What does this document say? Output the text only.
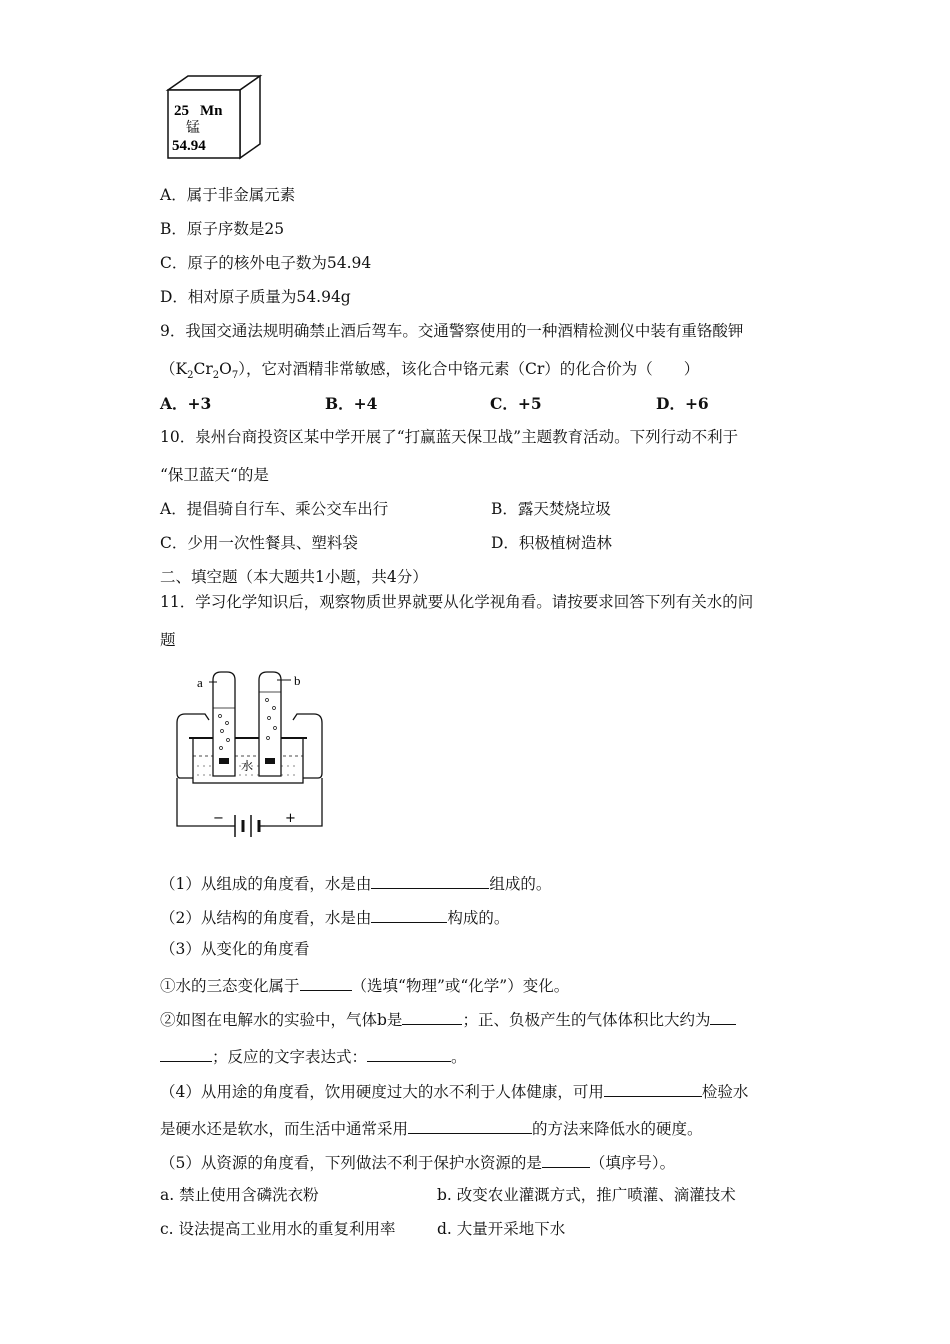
25 Mn
锰
54.94
A．属于非金属元素
B．原子序数是25
C．原子的核外电子数为54.94
D．相对原子质量为54.94g
9．我国交通法规明确禁止酒后驾车。交通警察使用的一种酒精检测仪中装有重铬酸钾
$(K_2Cr_2O_7)$，它对酒精非常敏感，该化合中铬元素（Cr）的化合价为（　　）
A．+3	B．+4	C．+5	D．+6
10．泉州台商投资区某中学开展了“打赢蓝天保卫战”主题教育活动。下列行动不利于
“保卫蓝天“的是
A．提倡骑自行车、乘公交车出行	B．露天焚烧垃圾
C．少用一次性餐具、塑料袋	D．积极植树造林
二、填空题（本大题共1小题，共4分）
11．学习化学知识后，观察物质世界就要从化学视角看。请按要求回答下列有关水的问
题
−	+
a	b
水
（1）从组成的角度看，水是由	组成的。
（2）从结构的角度看，水是由	构成的。
（3）从变化的角度看
①水的三态变化属于	（选填“物理”或“化学”）变化。
②如图在电解水的实验中，气体b是	；正、负极产生的气体体积比大约为
；反应的文字表达式：	。
（4）从用途的角度看，饮用硬度过大的水不利于人体健康，可用	检验水
是硬水还是软水，而生活中通常采用	的方法来降低水的硬度。
（5）从资源的角度看，下列做法不利于保护水资源的是	（填序号）。
a. 禁止使用含磷洗衣粉	b. 改变农业灌溉方式，推广喷灌、滴灌技术
c. 设法提高工业用水的重复利用率	d. 大量开采地下水
